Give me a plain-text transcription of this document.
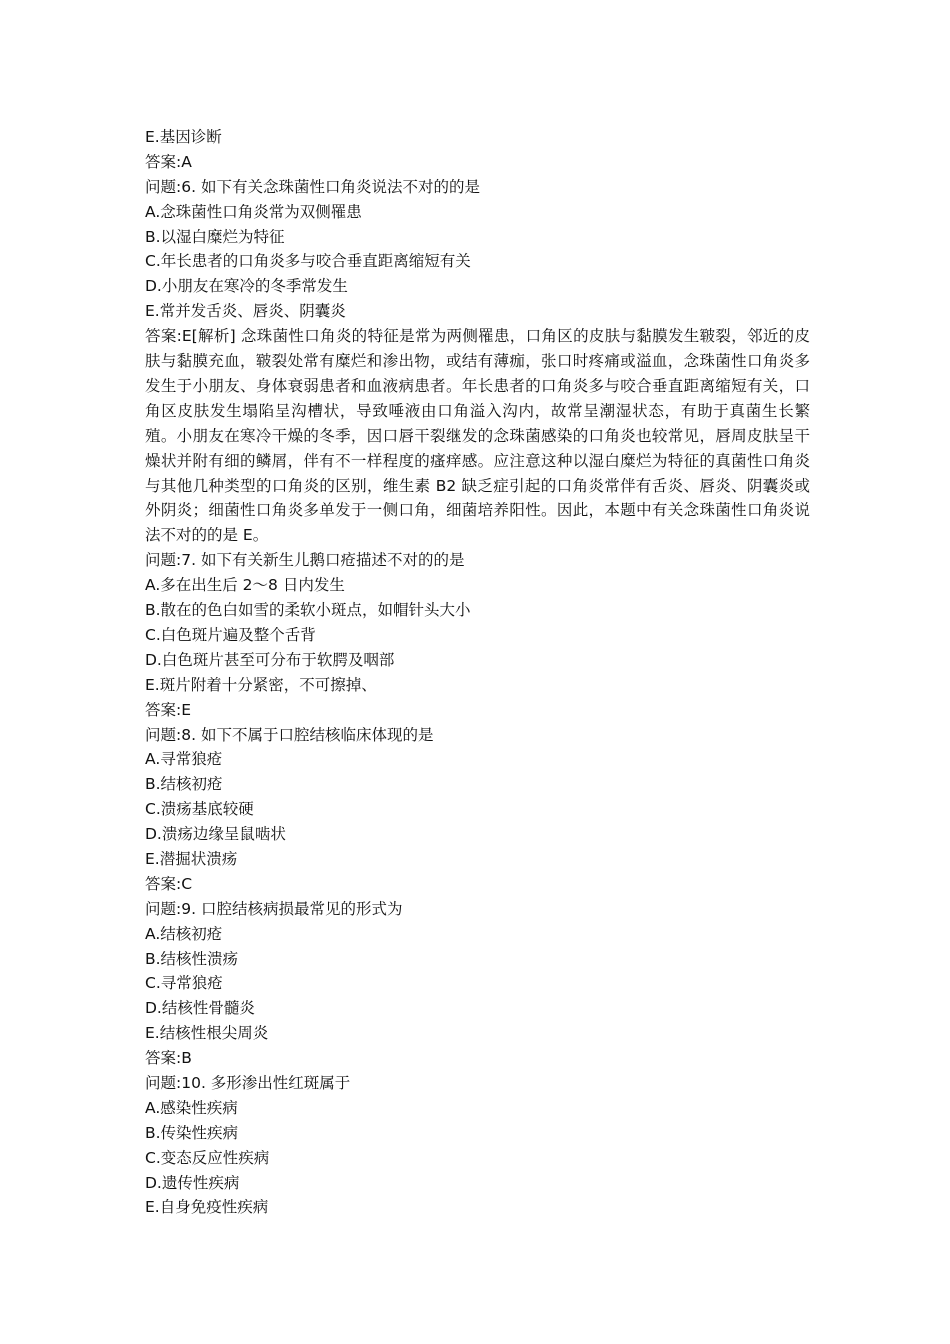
E.基因诊断
答案:A
问题:6. 如下有关念珠菌性口角炎说法不对的的是
A.念珠菌性口角炎常为双侧罹患
B.以湿白糜烂为特征
C.年长患者的口角炎多与咬合垂直距离缩短有关
D.小朋友在寒冷的冬季常发生
E.常并发舌炎、唇炎、阴囊炎
答案:E[解析] 念珠菌性口角炎的特征是常为两侧罹患，口角区的皮肤与黏膜发生皲裂，邻近的皮肤与黏膜充血，皲裂处常有糜烂和渗出物，或结有薄痂，张口时疼痛或溢血，念珠菌性口角炎多发生于小朋友、身体衰弱患者和血液病患者。年长患者的口角炎多与咬合垂直距离缩短有关，口角区皮肤发生塌陷呈沟槽状，导致唾液由口角溢入沟内，故常呈潮湿状态，有助于真菌生长繁殖。小朋友在寒冷干燥的冬季，因口唇干裂继发的念珠菌感染的口角炎也较常见，唇周皮肤呈干燥状并附有细的鳞屑，伴有不一样程度的瘙痒感。应注意这种以湿白糜烂为特征的真菌性口角炎与其他几种类型的口角炎的区别，维生素 B2 缺乏症引起的口角炎常伴有舌炎、唇炎、阴囊炎或外阴炎；细菌性口角炎多单发于一侧口角，细菌培养阳性。因此，本题中有关念珠菌性口角炎说法不对的的是 E。
问题:7. 如下有关新生儿鹅口疮描述不对的的是
A.多在出生后 2～8 日内发生
B.散在的色白如雪的柔软小斑点，如帽针头大小
C.白色斑片遍及整个舌背
D.白色斑片甚至可分布于软腭及咽部
E.斑片附着十分紧密，不可擦掉、
答案:E
问题:8. 如下不属于口腔结核临床体现的是
A.寻常狼疮
B.结核初疮
C.溃疡基底较硬
D.溃疡边缘呈鼠啮状
E.潜掘状溃疡
答案:C
问题:9. 口腔结核病损最常见的形式为
A.结核初疮
B.结核性溃疡
C.寻常狼疮
D.结核性骨髓炎
E.结核性根尖周炎
答案:B
问题:10. 多形渗出性红斑属于
A.感染性疾病
B.传染性疾病
C.变态反应性疾病
D.遗传性疾病
E.自身免疫性疾病
